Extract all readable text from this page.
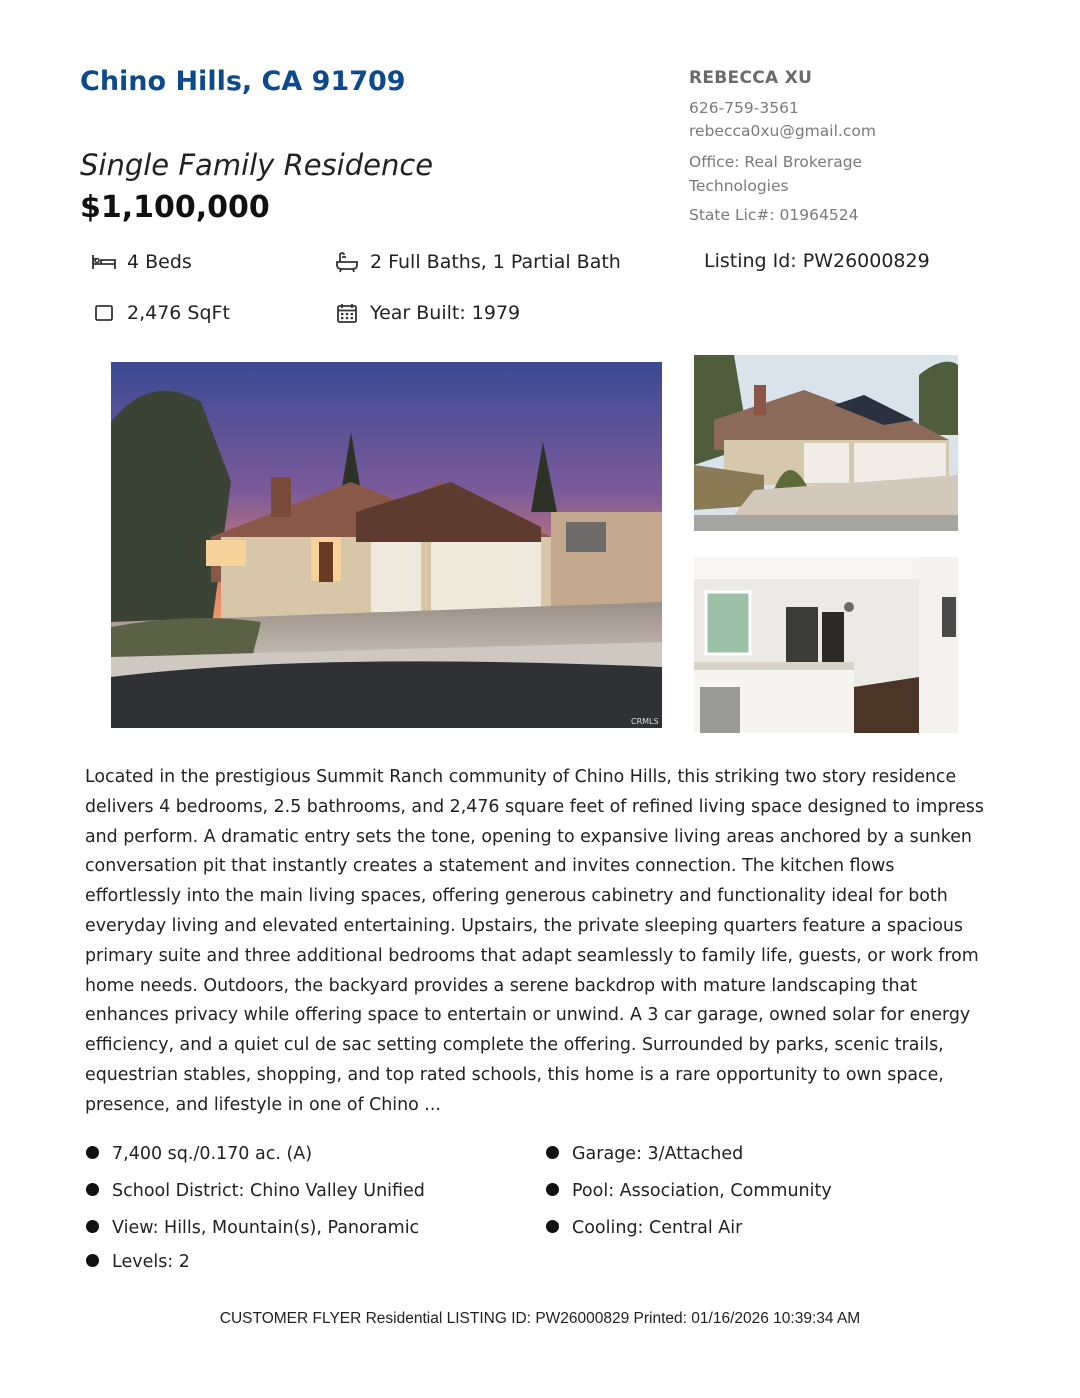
Chino Hills, CA 91709
Single Family Residence
$1,100,000
REBECCA XU
626-759-3561
rebecca0xu@gmail.com
Office: Real Brokerage Technologies
State Lic#: 01964524
4 Beds	2 Full Baths, 1 Partial Bath	Listing Id: PW26000829
2,476 SqFt	Year Built: 1979
CRMLS
Located in the prestigious Summit Ranch community of Chino Hills, this striking two story residence delivers 4 bedrooms, 2.5 bathrooms, and 2,476 square feet of refined living space designed to impress and perform. A dramatic entry sets the tone, opening to expansive living areas anchored by a sunken conversation pit that instantly creates a statement and invites connection. The kitchen flows effortlessly into the main living spaces, offering generous cabinetry and functionality ideal for both everyday living and elevated entertaining. Upstairs, the private sleeping quarters feature a spacious primary suite and three additional bedrooms that adapt seamlessly to family life, guests, or work from home needs. Outdoors, the backyard provides a serene backdrop with mature landscaping that enhances privacy while offering space to entertain or unwind. A 3 car garage, owned solar for energy efficiency, and a quiet cul de sac setting complete the offering. Surrounded by parks, scenic trails, equestrian stables, shopping, and top rated schools, this home is a rare opportunity to own space, presence, and lifestyle in one of Chino ...
7,400 sq./0.170 ac. (A)
School District: Chino Valley Unified
View: Hills, Mountain(s), Panoramic
Levels: 2
Garage: 3/Attached
Pool: Association, Community
Cooling: Central Air
CUSTOMER FLYER Residential LISTING ID: PW26000829 Printed: 01/16/2026 10:39:34 AM
